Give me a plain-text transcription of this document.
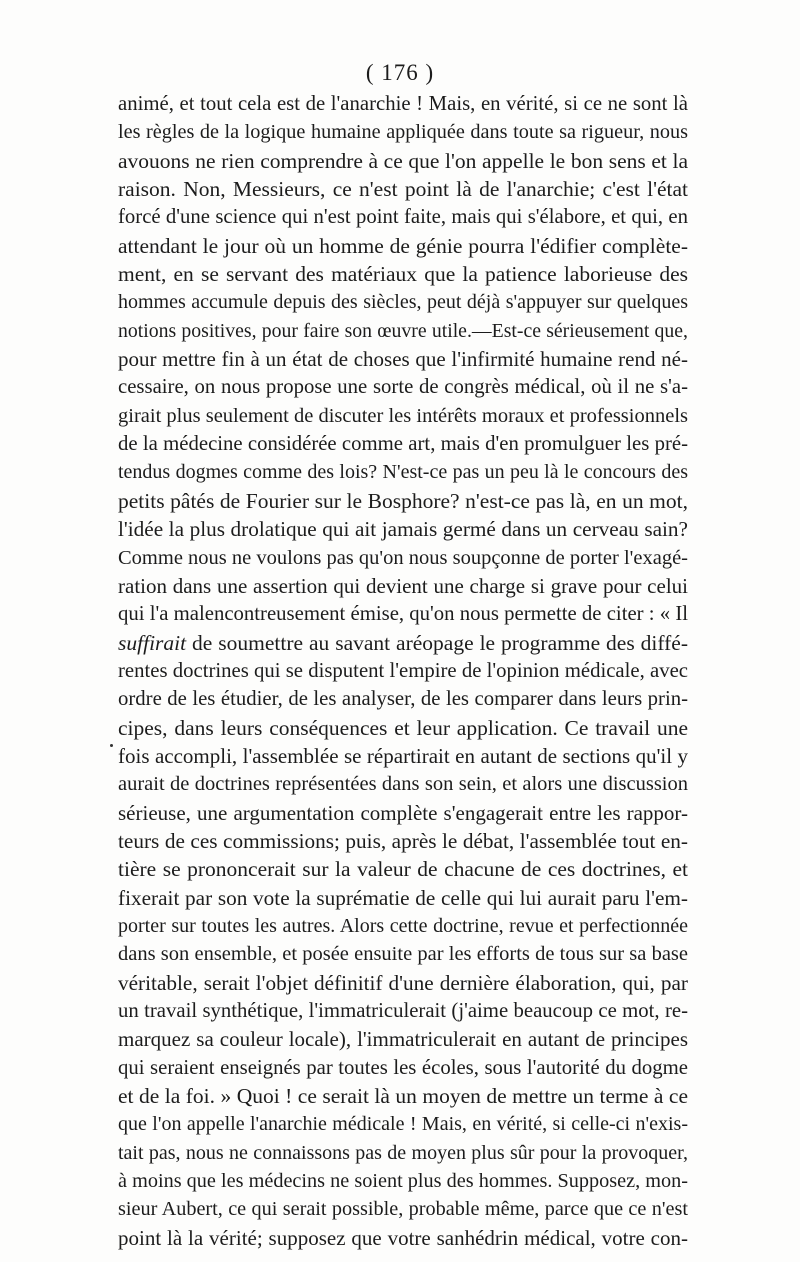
( 176 )
animé, et tout cela est de l'anarchie ! Mais, en vérité, si ce ne sont là
les règles de la logique humaine appliquée dans toute sa rigueur, nous
avouons ne rien comprendre à ce que l'on appelle le bon sens et la
raison. Non, Messieurs, ce n'est point là de l'anarchie; c'est l'état
forcé d'une science qui n'est point faite, mais qui s'élabore, et qui, en
attendant le jour où un homme de génie pourra l'édifier complète-
ment, en se servant des matériaux que la patience laborieuse des
hommes accumule depuis des siècles, peut déjà s'appuyer sur quelques
notions positives, pour faire son œuvre utile.—Est-ce sérieusement que,
pour mettre fin à un état de choses que l'infirmité humaine rend né-
cessaire, on nous propose une sorte de congrès médical, où il ne s'a-
girait plus seulement de discuter les intérêts moraux et professionnels
de la médecine considérée comme art, mais d'en promulguer les pré-
tendus dogmes comme des lois? N'est-ce pas un peu là le concours des
petits pâtés de Fourier sur le Bosphore? n'est-ce pas là, en un mot,
l'idée la plus drolatique qui ait jamais germé dans un cerveau sain?
Comme nous ne voulons pas qu'on nous soupçonne de porter l'exagé-
ration dans une assertion qui devient une charge si grave pour celui
qui l'a malencontreusement émise, qu'on nous permette de citer : « Il
suffirait de soumettre au savant aréopage le programme des diffé-
rentes doctrines qui se disputent l'empire de l'opinion médicale, avec
ordre de les étudier, de les analyser, de les comparer dans leurs prin-
cipes, dans leurs conséquences et leur application. Ce travail une
fois accompli, l'assemblée se répartirait en autant de sections qu'il y
aurait de doctrines représentées dans son sein, et alors une discussion
sérieuse, une argumentation complète s'engagerait entre les rappor-
teurs de ces commissions; puis, après le débat, l'assemblée tout en-
tière se prononcerait sur la valeur de chacune de ces doctrines, et
fixerait par son vote la suprématie de celle qui lui aurait paru l'em-
porter sur toutes les autres. Alors cette doctrine, revue et perfectionnée
dans son ensemble, et posée ensuite par les efforts de tous sur sa base
véritable, serait l'objet définitif d'une dernière élaboration, qui, par
un travail synthétique, l'immatriculerait (j'aime beaucoup ce mot, re-
marquez sa couleur locale), l'immatriculerait en autant de principes
qui seraient enseignés par toutes les écoles, sous l'autorité du dogme
et de la foi. » Quoi ! ce serait là un moyen de mettre un terme à ce
que l'on appelle l'anarchie médicale ! Mais, en vérité, si celle-ci n'exis-
tait pas, nous ne connaissons pas de moyen plus sûr pour la provoquer,
à moins que les médecins ne soient plus des hommes. Supposez, mon-
sieur Aubert, ce qui serait possible, probable même, parce que ce n'est
point là la vérité; supposez que votre sanhédrin médical, votre con-
